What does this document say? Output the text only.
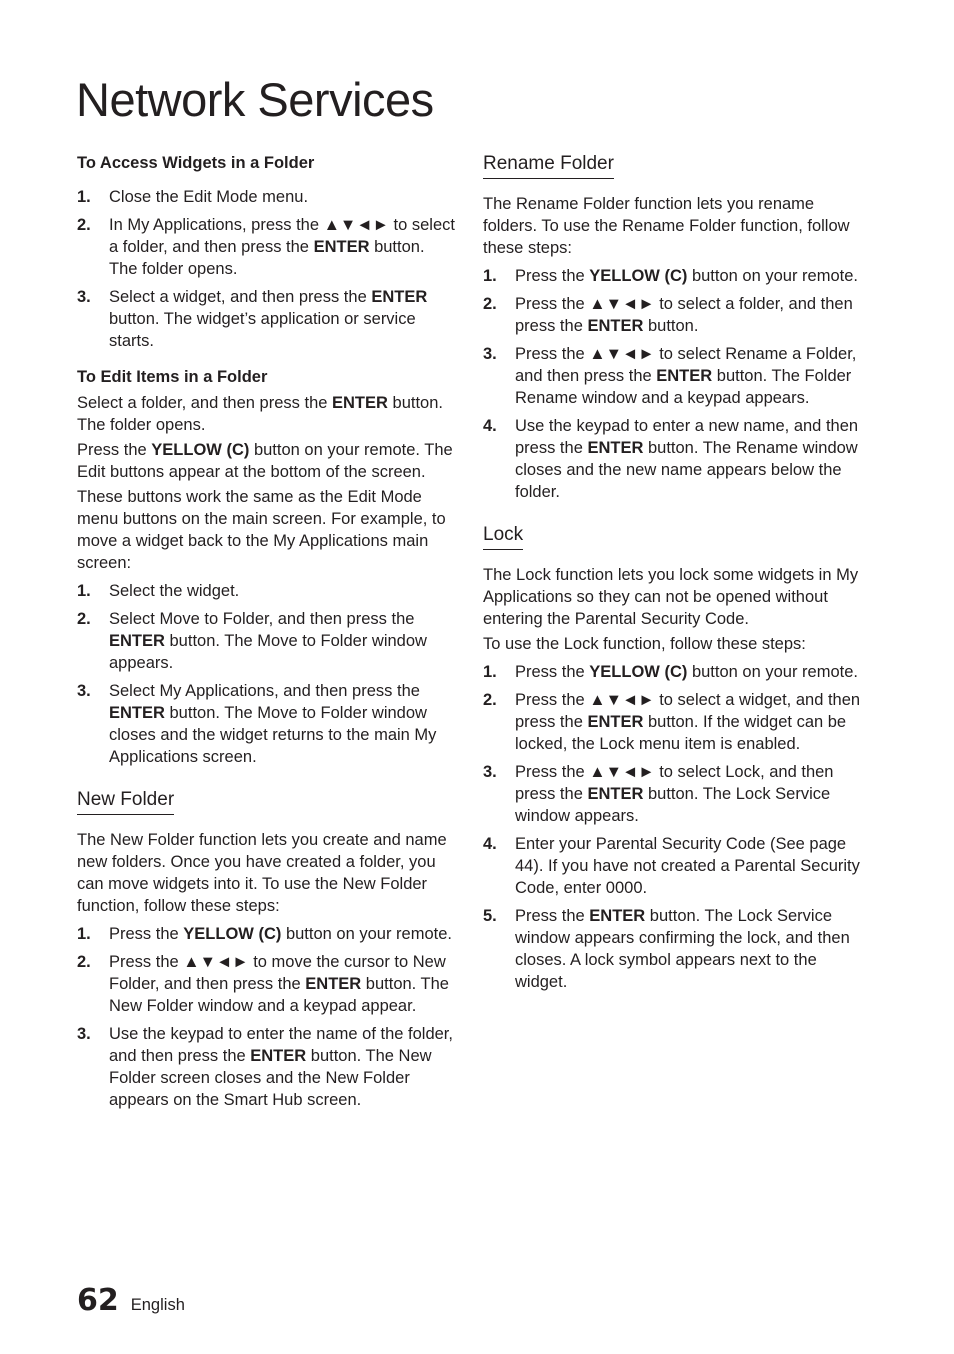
Network Services

To Access Widgets in a Folder

1. Close the Edit Mode menu.
2. In My Applications, press the ▲▼◄► to select a folder, and then press the ENTER button. The folder opens.
3. Select a widget, and then press the ENTER button. The widget’s application or service starts.

To Edit Items in a Folder

Select a folder, and then press the ENTER button. The folder opens.

Press the YELLOW (C) button on your remote. The Edit buttons appear at the bottom of the screen.

These buttons work the same as the Edit Mode menu buttons on the main screen. For example, to move a widget back to the My Applications main screen:

1. Select the widget.
2. Select Move to Folder, and then press the ENTER button. The Move to Folder window appears.
3. Select My Applications, and then press the ENTER button. The Move to Folder window closes and the widget returns to the main My Applications screen.
New Folder

The New Folder function lets you create and name new folders. Once you have created a folder, you can move widgets into it. To use the New Folder function, follow these steps:

1. Press the YELLOW (C) button on your remote.
2. Press the ▲▼◄► to move the cursor to New Folder, and then press the ENTER button. The New Folder window and a keypad appear.
3. Use the keypad to enter the name of the folder, and then press the ENTER button. The New Folder screen closes and the New Folder appears on the Smart Hub screen.
Rename Folder

The Rename Folder function lets you rename folders. To use the Rename Folder function, follow these steps:

1. Press the YELLOW (C) button on your remote.
2. Press the ▲▼◄► to select a folder, and then press the ENTER button.
3. Press the ▲▼◄► to select Rename a Folder, and then press the ENTER button. The Folder Rename window and a keypad appears.
4. Use the keypad to enter a new name, and then press the ENTER button. The Rename window closes and the new name appears below the folder.
Lock

The Lock function lets you lock some widgets in My Applications so they can not be opened without entering the Parental Security Code.

To use the Lock function, follow these steps:

1. Press the YELLOW (C) button on your remote.
2. Press the ▲▼◄► to select a widget, and then press the ENTER button. If the widget can be locked, the Lock menu item is enabled.
3. Press the ▲▼◄► to select Lock, and then press the ENTER button. The Lock Service window appears.
4. Enter your Parental Security Code (See page 44). If you have not created a Parental Security Code, enter 0000.
5. Press the ENTER button. The Lock Service window appears confirming the lock, and then closes. A lock symbol appears next to the widget.
62 English
